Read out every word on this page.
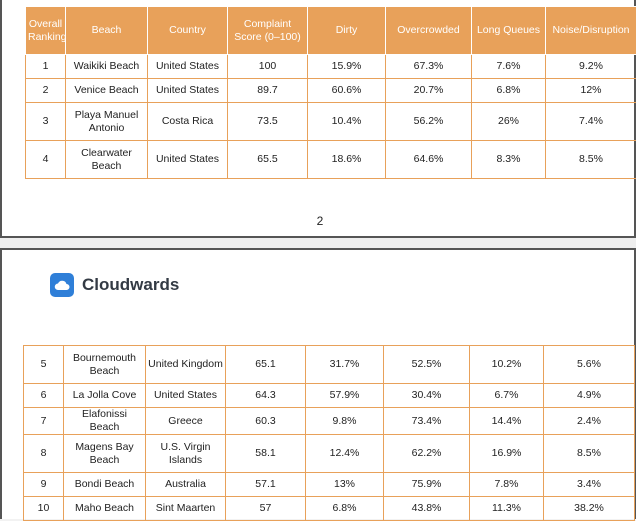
Overall Ranking	Beach	Country	Complaint Score (0–100)	Dirty	Overcrowded	Long Queues	Noise/Disruption
1	Waikiki Beach	United States	100	15.9%	67.3%	7.6%	9.2%
2	Venice Beach	United States	89.7	60.6%	20.7%	6.8%	12%
3	Playa Manuel Antonio	Costa Rica	73.5	10.4%	56.2%	26%	7.4%
4	Clearwater Beach	United States	65.5	18.6%	64.6%	8.3%	8.5%
2
Cloudwards
5	Bournemouth Beach	United Kingdom	65.1	31.7%	52.5%	10.2%	5.6%
6	La Jolla Cove	United States	64.3	57.9%	30.4%	6.7%	4.9%
7	Elafonissi Beach	Greece	60.3	9.8%	73.4%	14.4%	2.4%
8	Magens Bay Beach	U.S. Virgin Islands	58.1	12.4%	62.2%	16.9%	8.5%
9	Bondi Beach	Australia	57.1	13%	75.9%	7.8%	3.4%
10	Maho Beach	Sint Maarten	57	6.8%	43.8%	11.3%	38.2%
